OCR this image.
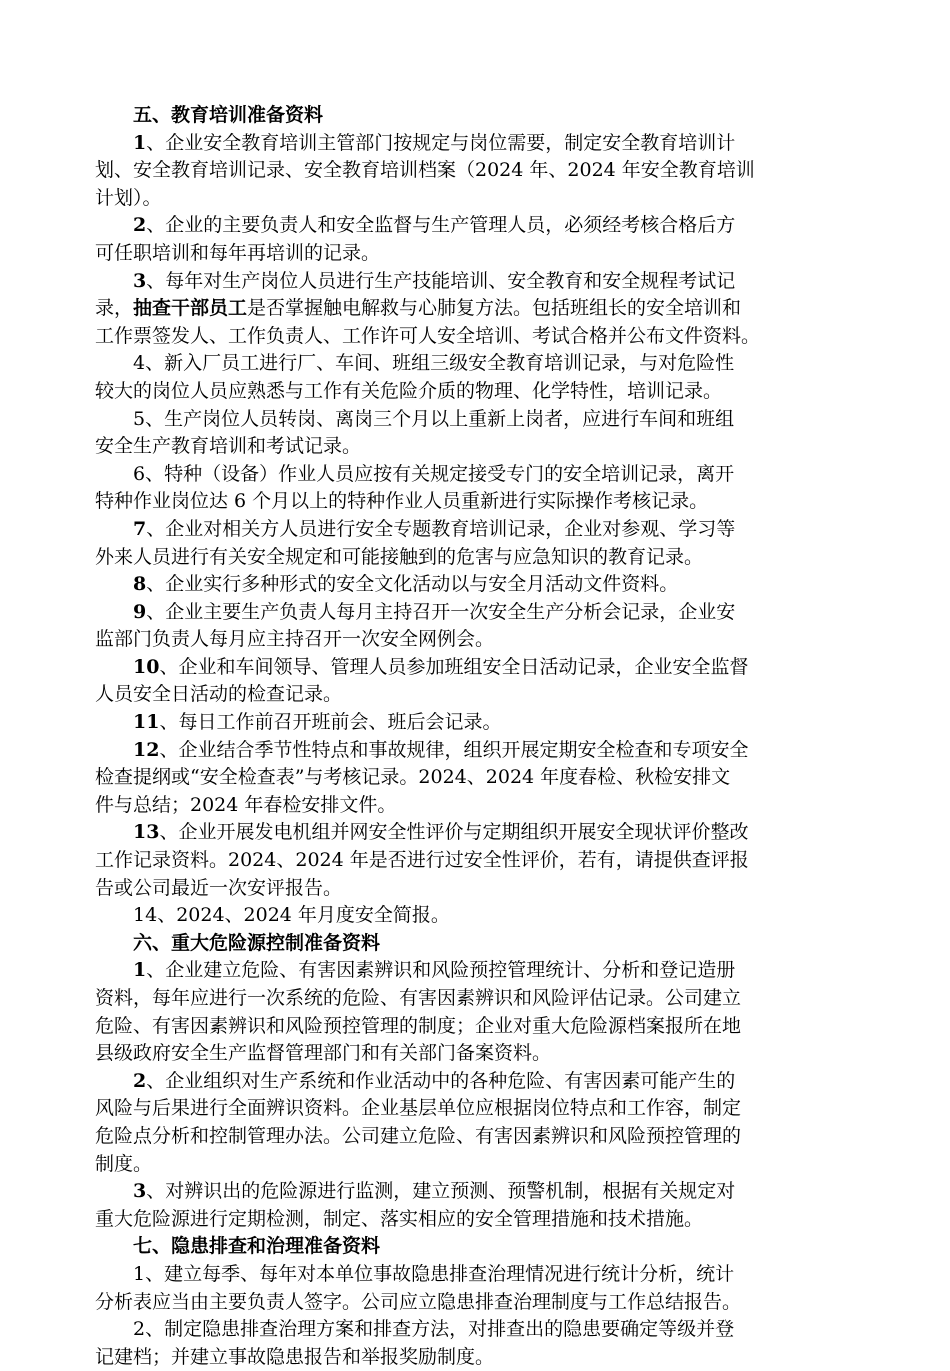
五、教育培训准备资料
1、企业安全教育培训主管部门按规定与岗位需要，制定安全教育培训计
划、安全教育培训记录、安全教育培训档案（2024 年、2024 年安全教育培训
计划）。
2、企业的主要负责人和安全监督与生产管理人员，必须经考核合格后方
可任职培训和每年再培训的记录。
3、每年对生产岗位人员进行生产技能培训、安全教育和安全规程考试记
录，抽查干部员工是否掌握触电解救与心肺复方法。包括班组长的安全培训和
工作票签发人、工作负责人、工作许可人安全培训、考试合格并公布文件资料。
4、新入厂员工进行厂、车间、班组三级安全教育培训记录，与对危险性
较大的岗位人员应熟悉与工作有关危险介质的物理、化学特性，培训记录。
5、生产岗位人员转岗、离岗三个月以上重新上岗者，应进行车间和班组
安全生产教育培训和考试记录。
6、特种（设备）作业人员应按有关规定接受专门的安全培训记录，离开
特种作业岗位达 6 个月以上的特种作业人员重新进行实际操作考核记录。
7、企业对相关方人员进行安全专题教育培训记录，企业对参观、学习等
外来人员进行有关安全规定和可能接触到的危害与应急知识的教育记录。
8、企业实行多种形式的安全文化活动以与安全月活动文件资料。
9、企业主要生产负责人每月主持召开一次安全生产分析会记录，企业安
监部门负责人每月应主持召开一次安全网例会。
10、企业和车间领导、管理人员参加班组安全日活动记录，企业安全监督
人员安全日活动的检查记录。
11、每日工作前召开班前会、班后会记录。
12、企业结合季节性特点和事故规律，组织开展定期安全检查和专项安全
检查提纲或“安全检查表”与考核记录。2024、2024 年度春检、秋检安排文
件与总结；2024 年春检安排文件。
13、企业开展发电机组并网安全性评价与定期组织开展安全现状评价整改
工作记录资料。2024、2024 年是否进行过安全性评价，若有，请提供查评报
告或公司最近一次安评报告。
14、2024、2024 年月度安全简报。
六、重大危险源控制准备资料
1、企业建立危险、有害因素辨识和风险预控管理统计、分析和登记造册
资料，每年应进行一次系统的危险、有害因素辨识和风险评估记录。公司建立
危险、有害因素辨识和风险预控管理的制度；企业对重大危险源档案报所在地
县级政府安全生产监督管理部门和有关部门备案资料。
2、企业组织对生产系统和作业活动中的各种危险、有害因素可能产生的
风险与后果进行全面辨识资料。企业基层单位应根据岗位特点和工作容，制定
危险点分析和控制管理办法。公司建立危险、有害因素辨识和风险预控管理的
制度。
3、对辨识出的危险源进行监测，建立预测、预警机制，根据有关规定对
重大危险源进行定期检测，制定、落实相应的安全管理措施和技术措施。
七、隐患排查和治理准备资料
1、建立每季、每年对本单位事故隐患排查治理情况进行统计分析，统计
分析表应当由主要负责人签字。公司应立隐患排查治理制度与工作总结报告。
2、制定隐患排查治理方案和排查方法，对排查出的隐患要确定等级并登
记建档；并建立事故隐患报告和举报奖励制度。
